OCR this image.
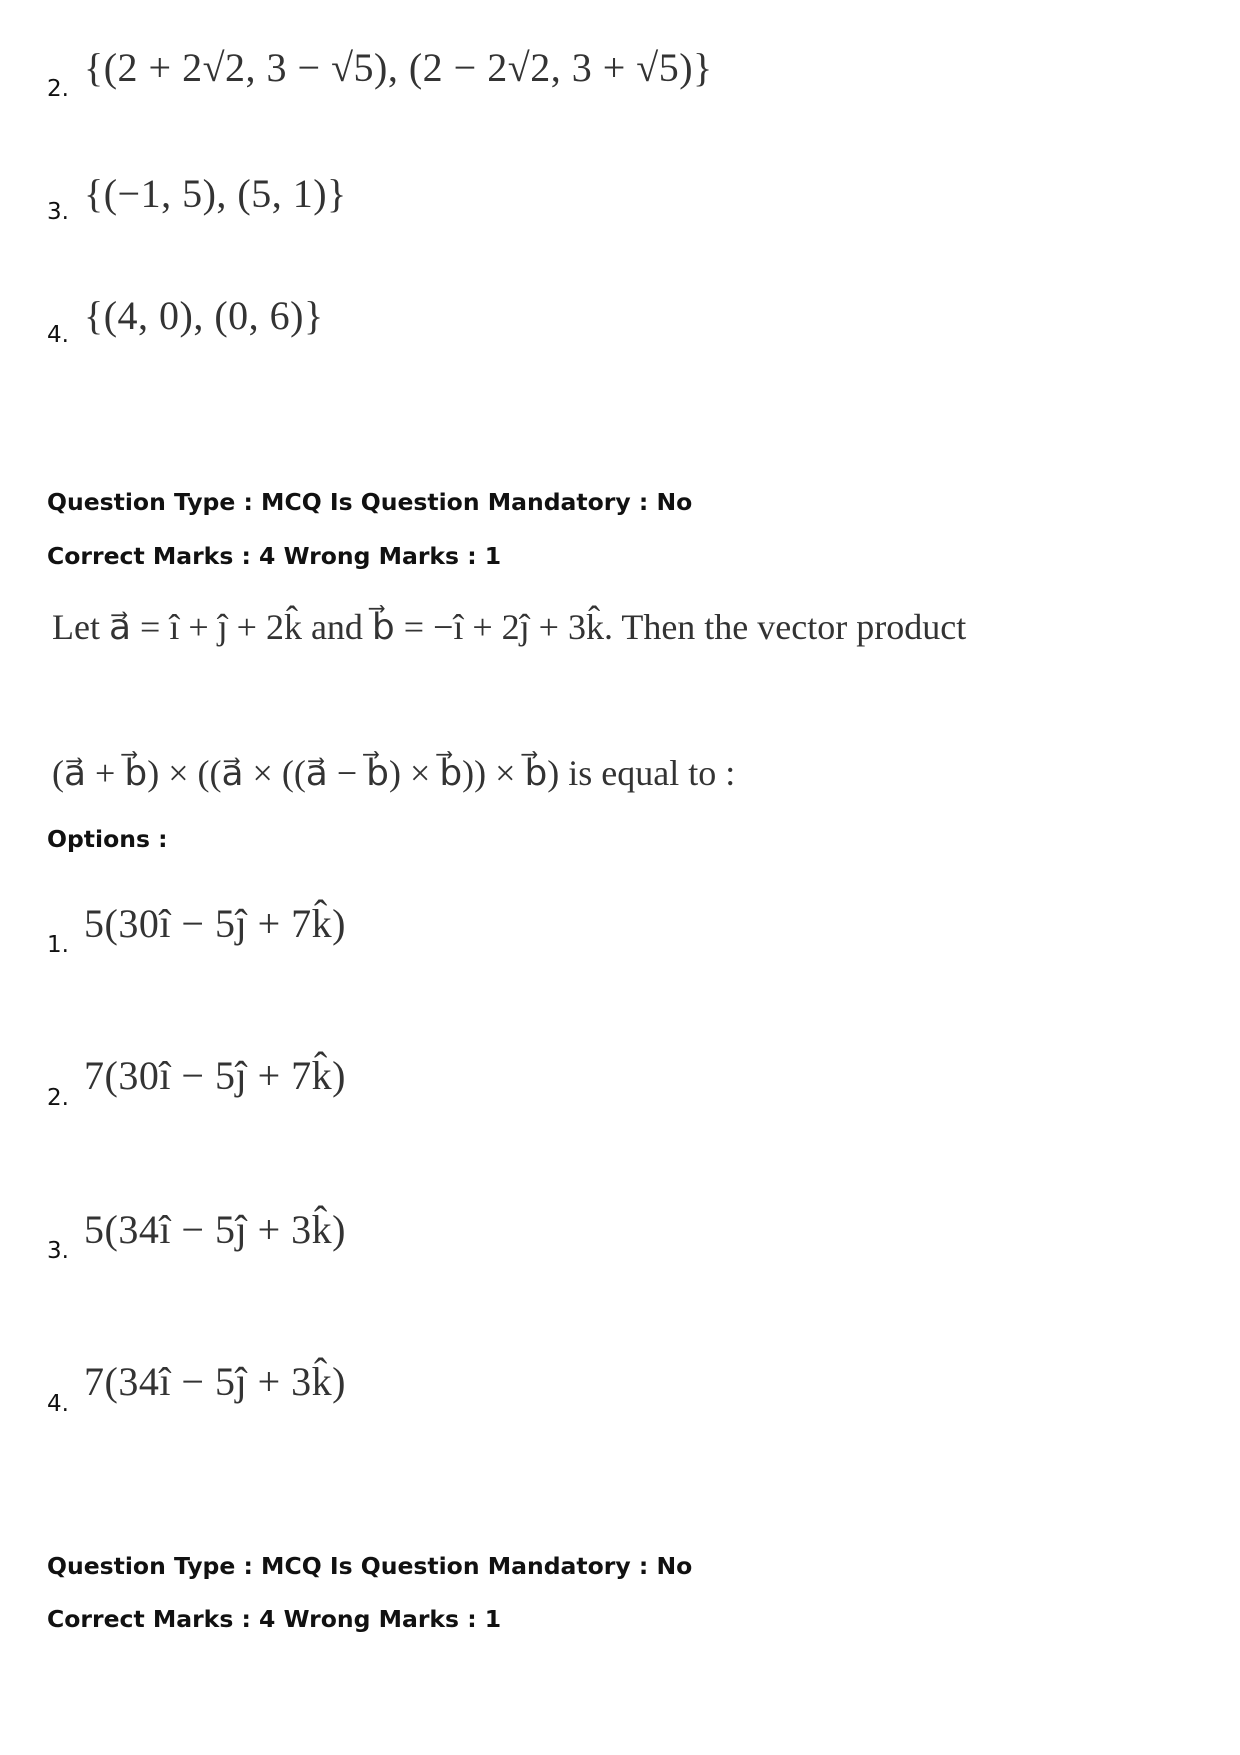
2. {(2 + 2√2, 3 − √5), (2 − 2√2, 3 + √5)}
3. {(−1, 5), (5, 1)}
4. {(4, 0), (0, 6)}
Question Type : MCQ Is Question Mandatory : No
Correct Marks : 4 Wrong Marks : 1
Let a⃗ = î + ĵ + 2k̂ and b⃗ = −î + 2ĵ + 3k̂. Then the vector product
(a⃗ + b⃗) × ((a⃗ × ((a⃗ − b⃗) × b⃗)) × b⃗) is equal to :
Options :
1. 5(30î − 5ĵ + 7k̂)
2. 7(30î − 5ĵ + 7k̂)
3. 5(34î − 5ĵ + 3k̂)
4. 7(34î − 5ĵ + 3k̂)
Question Type : MCQ Is Question Mandatory : No
Correct Marks : 4 Wrong Marks : 1
